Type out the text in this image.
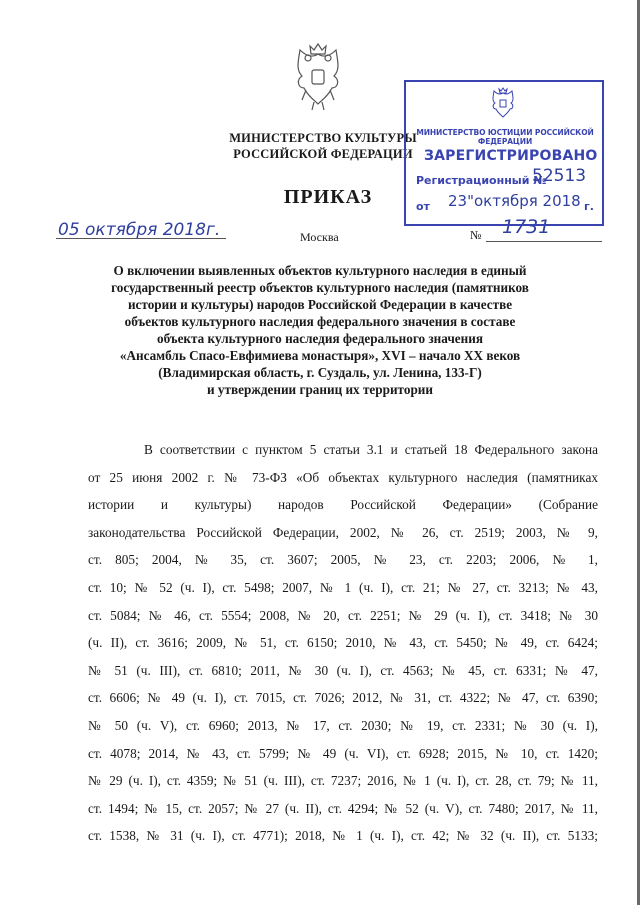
МИНИСТЕРСТВО КУЛЬТУРЫ
РОССИЙСКОЙ ФЕДЕРАЦИИ
ПРИКАЗ
05 октября 2018г.	Москва	№ 1731
МИНИСТЕРСТВО ЮСТИЦИИ РОССИЙСКОЙ ФЕДЕРАЦИИ
ЗАРЕГИСТРИРОВАНО
Регистрационный №
52513
от 23"октября 2018 г.
О включении выявленных объектов культурного наследия в единый
государственный реестр объектов культурного наследия (памятников
истории и культуры) народов Российской Федерации в качестве
объектов культурного наследия федерального значения в составе
объекта культурного наследия федерального значения
«Ансамбль Спасо-Евфимиева монастыря», XVI – начало XX веков
(Владимирская область, г. Суздаль, ул. Ленина, 133-Г)
и утверждении границ их территории
В соответствии с пунктом 5 статьи 3.1 и статьей 18 Федерального закона
от 25 июня 2002 г. № 73-ФЗ «Об объектах культурного наследия (памятниках
истории и культуры) народов Российской Федерации» (Собрание
законодательства Российской Федерации, 2002, № 26, ст. 2519; 2003, № 9,
ст. 805; 2004, № 35, ст. 3607; 2005, № 23, ст. 2203; 2006, № 1,
ст. 10; № 52 (ч. I), ст. 5498; 2007, № 1 (ч. I), ст. 21; № 27, ст. 3213; № 43,
ст. 5084; № 46, ст. 5554; 2008, № 20, ст. 2251; № 29 (ч. I), ст. 3418; № 30
(ч. II), ст. 3616; 2009, № 51, ст. 6150; 2010, № 43, ст. 5450; № 49, ст. 6424;
№ 51 (ч. III), ст. 6810; 2011, № 30 (ч. I), ст. 4563; № 45, ст. 6331; № 47,
ст. 6606; № 49 (ч. I), ст. 7015, ст. 7026; 2012, № 31, ст. 4322; № 47, ст. 6390;
№ 50 (ч. V), ст. 6960; 2013, № 17, ст. 2030; № 19, ст. 2331; № 30 (ч. I),
ст. 4078; 2014, № 43, ст. 5799; № 49 (ч. VI), ст. 6928; 2015, № 10, ст. 1420;
№ 29 (ч. I), ст. 4359; № 51 (ч. III), ст. 7237; 2016, № 1 (ч. I), ст. 28, ст. 79; № 11,
ст. 1494; № 15, ст. 2057; № 27 (ч. II), ст. 4294; № 52 (ч. V), ст. 7480; 2017, № 11,
ст. 1538, № 31 (ч. I), ст. 4771); 2018, № 1 (ч. I), ст. 42; № 32 (ч. II), ст. 5133;
